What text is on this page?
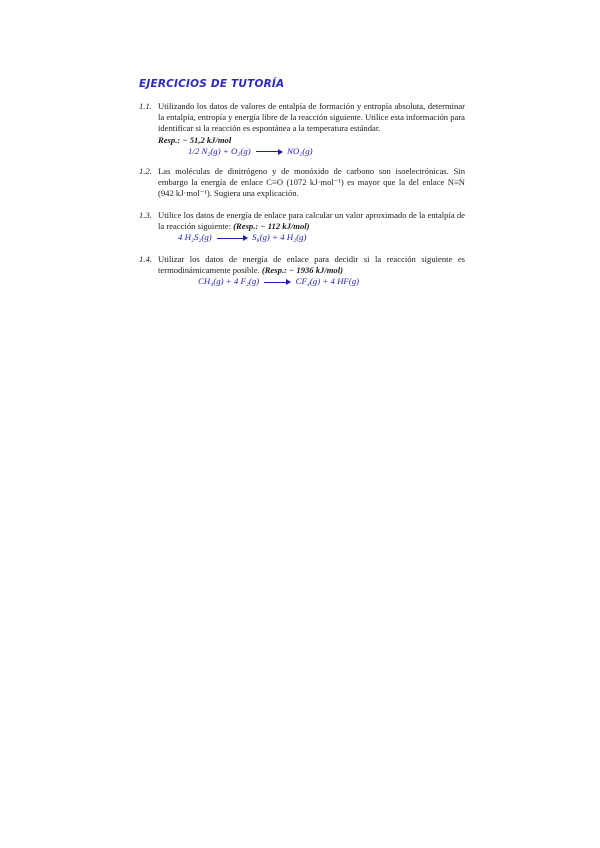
EJERCICIOS DE TUTORÍA
1.1. Utilizando los datos de valores de entalpía de formación y entropía absoluta, determinar la entalpía, entropía y energía libre de la reacción siguiente. Utilice esta información para identificar si la reacción es espontánea a la temperatura estándar.
Resp.: − 51,2 kJ/mol
1/2 N₂(g) + O₂(g) → NO₂(g)
1.2. Las moléculas de dinitrógeno y de monóxido de carbono son isoelectrónicas. Sin embargo la energía de enlace C≡O (1072 kJ·mol⁻¹) es mayor que la del enlace N≡N (942 kJ·mol⁻¹). Sugiera una explicación.
1.3. Utilice los datos de energía de enlace para calcular un valor aproximado de la entalpía de la reacción siguiente: (Resp.: − 112 kJ/mol)
4 H₂S₂(g) → S₈(g) + 4 H₂(g)
1.4. Utilizar los datos de energía de enlace para decidir si la reacción siguiente es termodinámicamente posible. (Resp.: − 1936 kJ/mol)
CH₄(g) + 4 F₂(g) → CF₄(g) + 4 HF(g)
